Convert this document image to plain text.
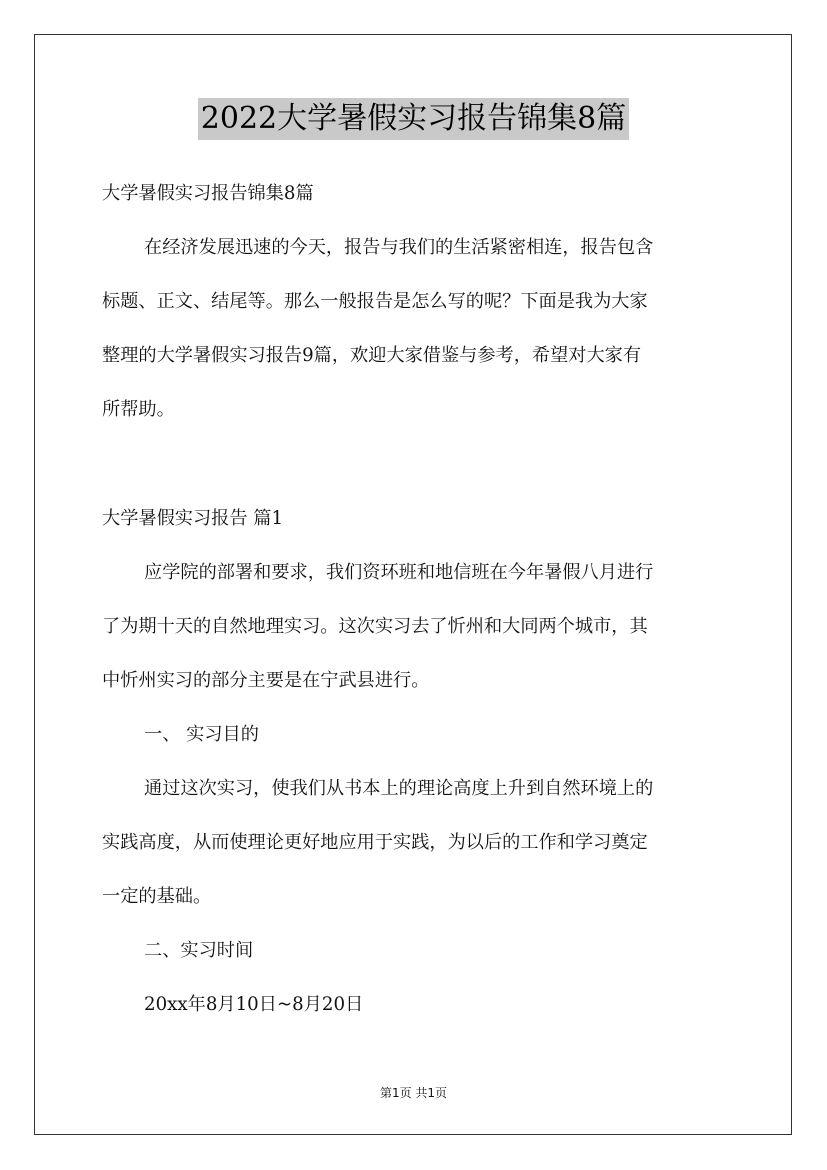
2022大学暑假实习报告锦集8篇
大学暑假实习报告锦集8篇
在经济发展迅速的今天，报告与我们的生活紧密相连，报告包含
标题、正文、结尾等。那么一般报告是怎么写的呢？下面是我为大家
整理的大学暑假实习报告9篇，欢迎大家借鉴与参考，希望对大家有
所帮助。
大学暑假实习报告 篇1
应学院的部署和要求，我们资环班和地信班在今年暑假八月进行
了为期十天的自然地理实习。这次实习去了忻州和大同两个城市，其
中忻州实习的部分主要是在宁武县进行。
一、 实习目的
通过这次实习，使我们从书本上的理论高度上升到自然环境上的
实践高度，从而使理论更好地应用于实践，为以后的工作和学习奠定
一定的基础。
二、实习时间
20xx年8月10日~8月20日
第1页 共1页
